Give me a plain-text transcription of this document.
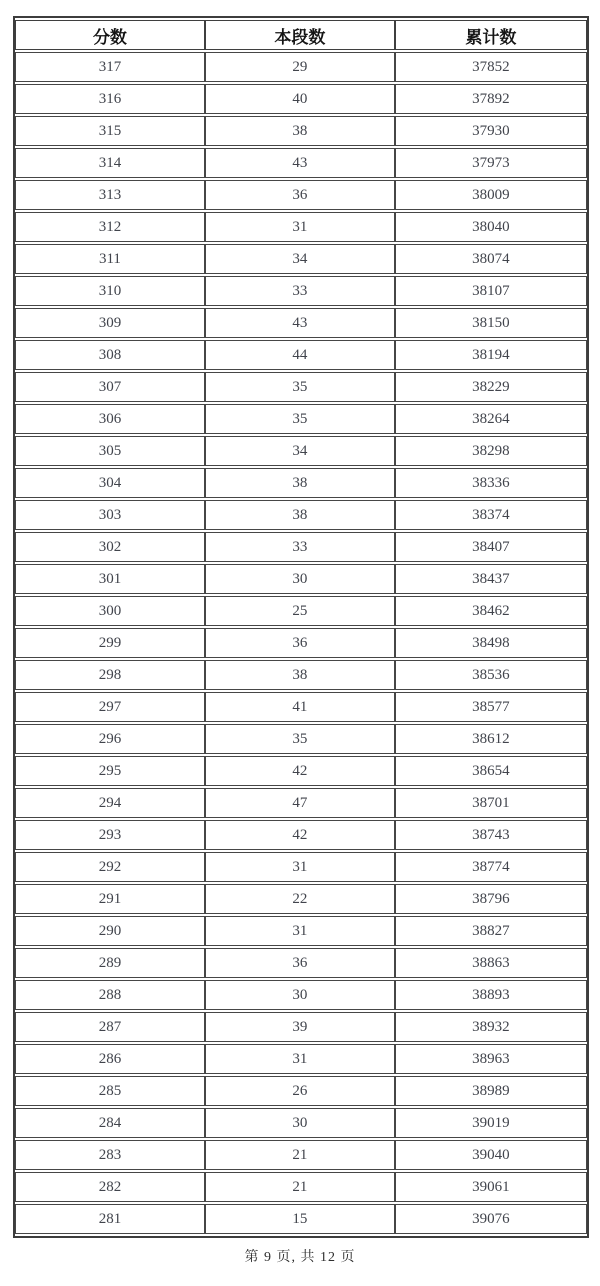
分数	本段数	累计数
317	29	37852
316	40	37892
315	38	37930
314	43	37973
313	36	38009
312	31	38040
311	34	38074
310	33	38107
309	43	38150
308	44	38194
307	35	38229
306	35	38264
305	34	38298
304	38	38336
303	38	38374
302	33	38407
301	30	38437
300	25	38462
299	36	38498
298	38	38536
297	41	38577
296	35	38612
295	42	38654
294	47	38701
293	42	38743
292	31	38774
291	22	38796
290	31	38827
289	36	38863
288	30	38893
287	39	38932
286	31	38963
285	26	38989
284	30	39019
283	21	39040
282	21	39061
281	15	39076
第 9 页, 共 12 页
